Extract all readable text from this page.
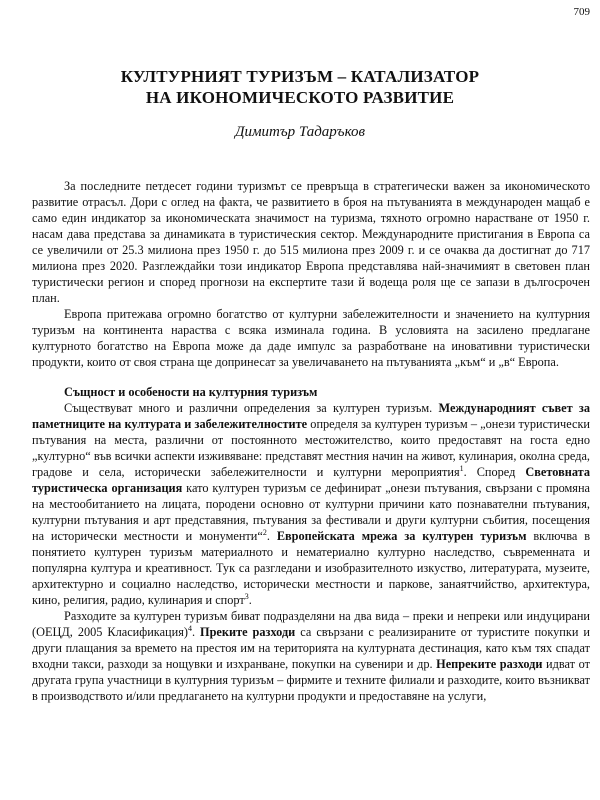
709
КУЛТУРНИЯТ ТУРИЗЪМ – КАТАЛИЗАТОР
НА ИКОНОМИЧЕСКОТО РАЗВИТИЕ
Димитър Тадаръков

За последните петдесет години туризмът се превръща в стратегически важен за икономическото развитие отрасъл. Дори с оглед на факта, че развитието в броя на пътуванията в международен мащаб е само един индикатор за икономическата значимост на туризма, тяхното огромно нарастване от 1950 г. насам дава представа за динамиката в туристическия сектор. Международните пристигания в Европа са се увеличили от 25.3 милиона през 1950 г. до 515 милиона през 2009 г. и се очаква да достигнат до 717 милиона през 2020. Разглеждайки този индикатор Европа представлява най-значимият в световен план туристически регион и според прогнози на експертите тази й водеща роля ще се запази в дългосрочен план.

Европа притежава огромно богатство от културни забележителности и значението на културния туризъм на континента нараства с всяка изминала година. В условията на засилено предлагане културното богатство на Европа може да даде импулс за разработване на иновативни туристически продукти, които от своя страна ще допринесат за увеличаването на пътуванията „към“ и „в“ Европа.

Същност и особености на културния туризъм

Съществуват много и различни определения за културен туризъм. Международният съвет за паметниците на културата и забележителностите определя за културен туризъм – „онези туристически пътувания на места, различни от постоянното местожителство, които предоставят на госта едно „културно“ във всички аспекти изживяване: представят местния начин на живот, кулинария, околна среда, градове и села, исторически забележителности и културни мероприятия$^1$. Според Световната туристическа организация като културен туризъм се дефинират „онези пътувания, свързани с промяна на местообитанието на лицата, породени основно от културни причини като познавателни пътувания, културни пътувания и арт представяния, пътувания за фестивали и други културни събития, посещения на исторически местности и монументи“$^2$. Европейската мрежа за културен туризъм включва в понятието културен туризъм материалното и нематериално културно наследство, съвременната и популярна култура и креативност. Тук са разгледани и изобразителното изкуство, литературата, музеите, архитектурно и социално наследство, исторически местности и паркове, занаятчийство, архитектура, кино, религия, радио, кулинария и спорт$^3$.

Разходите за културен туризъм биват подразделяни на два вида – преки и непреки или индуцирани (ОЕЦД, 2005 Класификация)$^4$. Преките разходи са свързани с реализираните от туристите покупки и други плащания за времето на престоя им на територията на културната дестинация, като към тях спадат входни такси, разходи за нощувки и изхранване, покупки на сувенири и др. Непреките разходи идват от другата група участници в културния туризъм – фирмите и техните филиали и разходите, които възникват в производството и/или предлагането на културни продукти и предоставяне на услуги,
